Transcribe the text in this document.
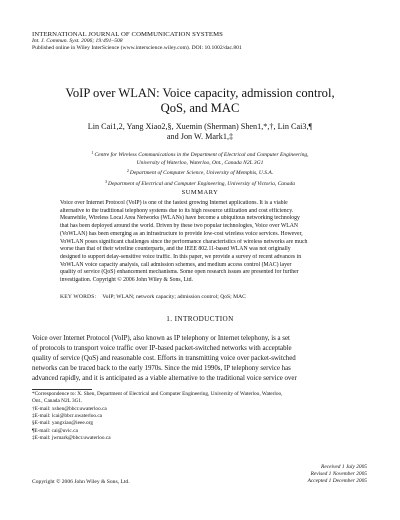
INTERNATIONAL JOURNAL OF COMMUNICATION SYSTEMS
Int. J. Commun. Syst. 2006; 19:491–508
Published online in Wiley InterScience (www.interscience.wiley.com). DOI: 10.1002/dac.801
VoIP over WLAN: Voice capacity, admission control,
QoS, and MAC
Lin Cai1,2, Yang Xiao2,§, Xuemin (Sherman) Shen1,*,†, Lin Cai3,¶
and Jon W. Mark1,‡
$^1$Centre for Wireless Communications in the Department of Electrical and Computer Engineering,
University of Waterloo, Waterloo, Ont., Canada N2L 3G1
$^2$Department of Computer Science, University of Memphis, U.S.A.
$^3$Department of Electrical and Computer Engineering, University of Victoria, Canada
SUMMARY
Voice over Internet Protocol (VoIP) is one of the fastest growing Internet applications. It is a viable
alternative to the traditional telephony systems due to its high resource utilization and cost efficiency.
Meanwhile, Wireless Local Area Networks (WLANs) have become a ubiquitous networking technology
that has been deployed around the world. Driven by these two popular technologies, Voice over WLAN
(VoWLAN) has been emerging as an infrastructure to provide low-cost wireless voice services. However,
VoWLAN poses significant challenges since the performance characteristics of wireless networks are much
worse than that of their wireline counterparts, and the IEEE 802.11-based WLAN was not originally
designed to support delay-sensitive voice traffic. In this paper, we provide a survey of recent advances in
VoWLAN voice capacity analysis, call admission schemes, and medium access control (MAC) layer
quality of service (QoS) enhancement mechanisms. Some open research issues are presented for further
investigation. Copyright © 2006 John Wiley & Sons, Ltd.
KEY WORDS: VoIP; WLAN; network capacity; admission control; QoS; MAC
1. INTRODUCTION
Voice over Internet Protocol (VoIP), also known as IP telephony or Internet telephony, is a set
of protocols to transport voice traffic over IP-based packet-switched networks with acceptable
quality of service (QoS) and reasonable cost. Efforts in transmitting voice over packet-switched
networks can be traced back to the early 1970s. Since the mid 1990s, IP telephony service has
advanced rapidly, and it is anticipated as a viable alternative to the traditional voice service over
*Correspondence to: X. Shen, Department of Electrical and Computer Engineering, University of Waterloo, Waterloo,
Ont., Canada N2L 3G1.
†E-mail: xshen@bbcr.uwaterloo.ca
‡E-mail: lcai@bbcr.uwaterloo.ca
§E-mail: yangxiao@ieee.org
¶E-mail: cai@uvic.ca
‡E-mail: jwmark@bbcr.uwaterloo.ca
Received 1 July 2005
Revised 1 November 2005
Accepted 1 December 2005
Copyright © 2006 John Wiley & Sons, Ltd.
